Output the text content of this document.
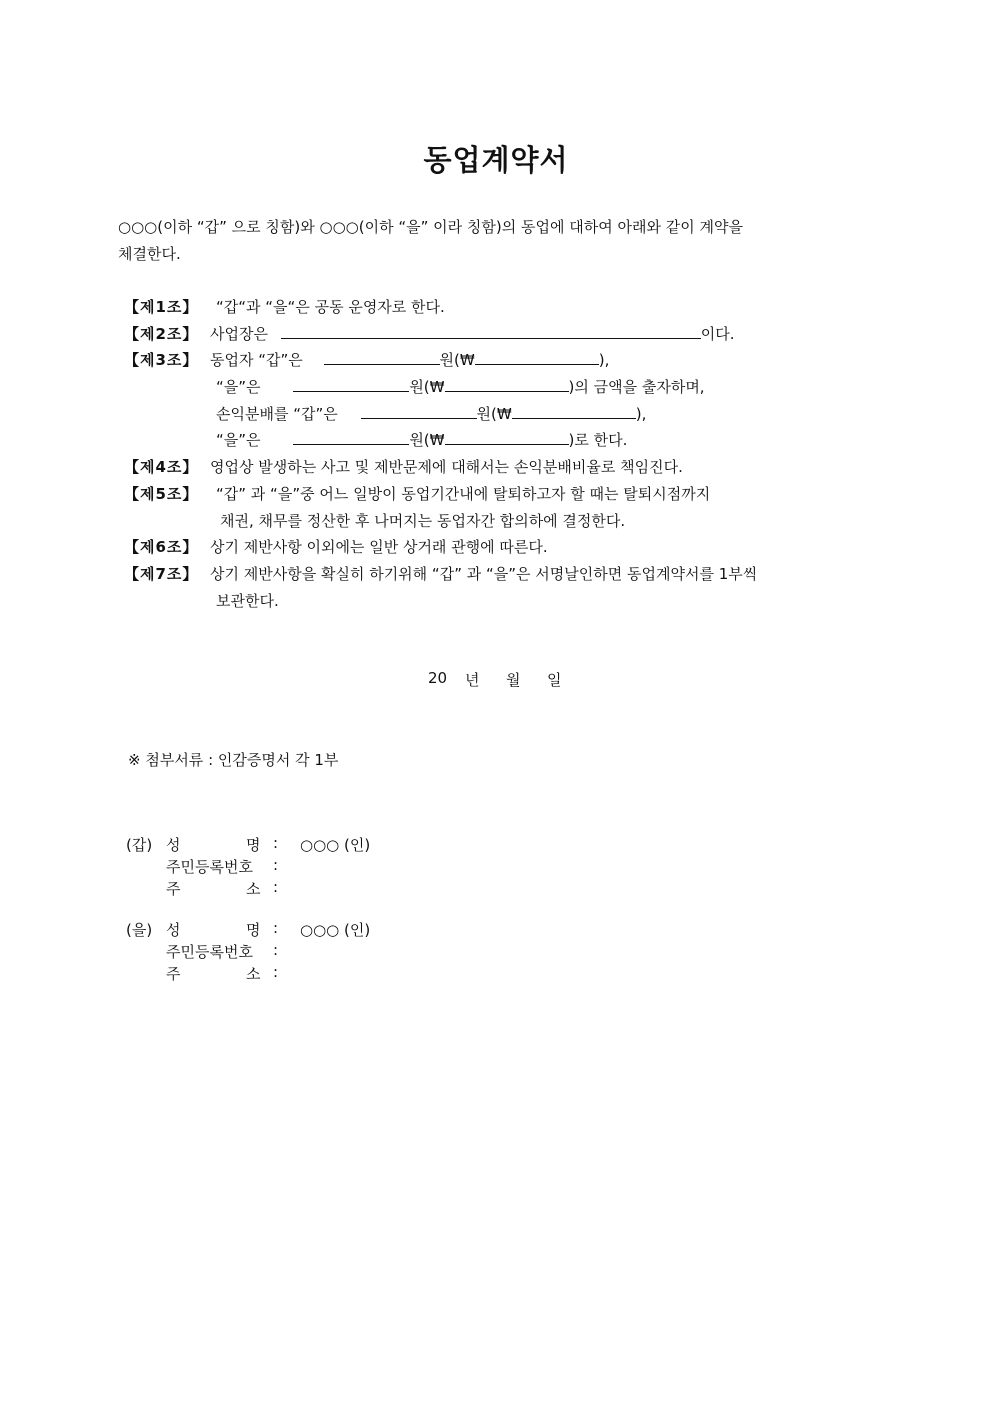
동업계약서
○○○(이하 “갑” 으로 칭함)와 ○○○(이하 “을” 이라 칭함)의 동업에 대하여 아래와 같이 계약을
체결한다.
【제1조】 “갑“과 “을“은 공동 운영자로 한다.
【제2조】 사업장은	이다.
【제3조】 동업자 “갑”은	원(₩	),
“을”은	원(₩	)의 금액을 출자하며,
손익분배를 “갑”은	원(₩	),
“을”은	원(₩	)로 한다.
【제4조】 영업상 발생하는 사고 및 제반문제에 대해서는 손익분배비율로 책임진다.
【제5조】 “갑” 과 “을”중 어느 일방이 동업기간내에 탈퇴하고자 할 때는 탈퇴시점까지
채권, 채무를 정산한 후 나머지는 동업자간 합의하에 결정한다.
【제6조】 상기 제반사항 이외에는 일반 상거래 관행에 따른다.
【제7조】 상기 제반사항을 확실히 하기위해 “갑” 과 “을”은 서명날인하면 동업계약서를 1부씩
보관한다.
20 년 월 일
※ 첨부서류 : 인감증명서 각 1부
(갑) 성	명 : ○○○ (인)
주민등록번호 :
주	소 :
(을) 성	명 : ○○○ (인)
주민등록번호 :
주	소 :
